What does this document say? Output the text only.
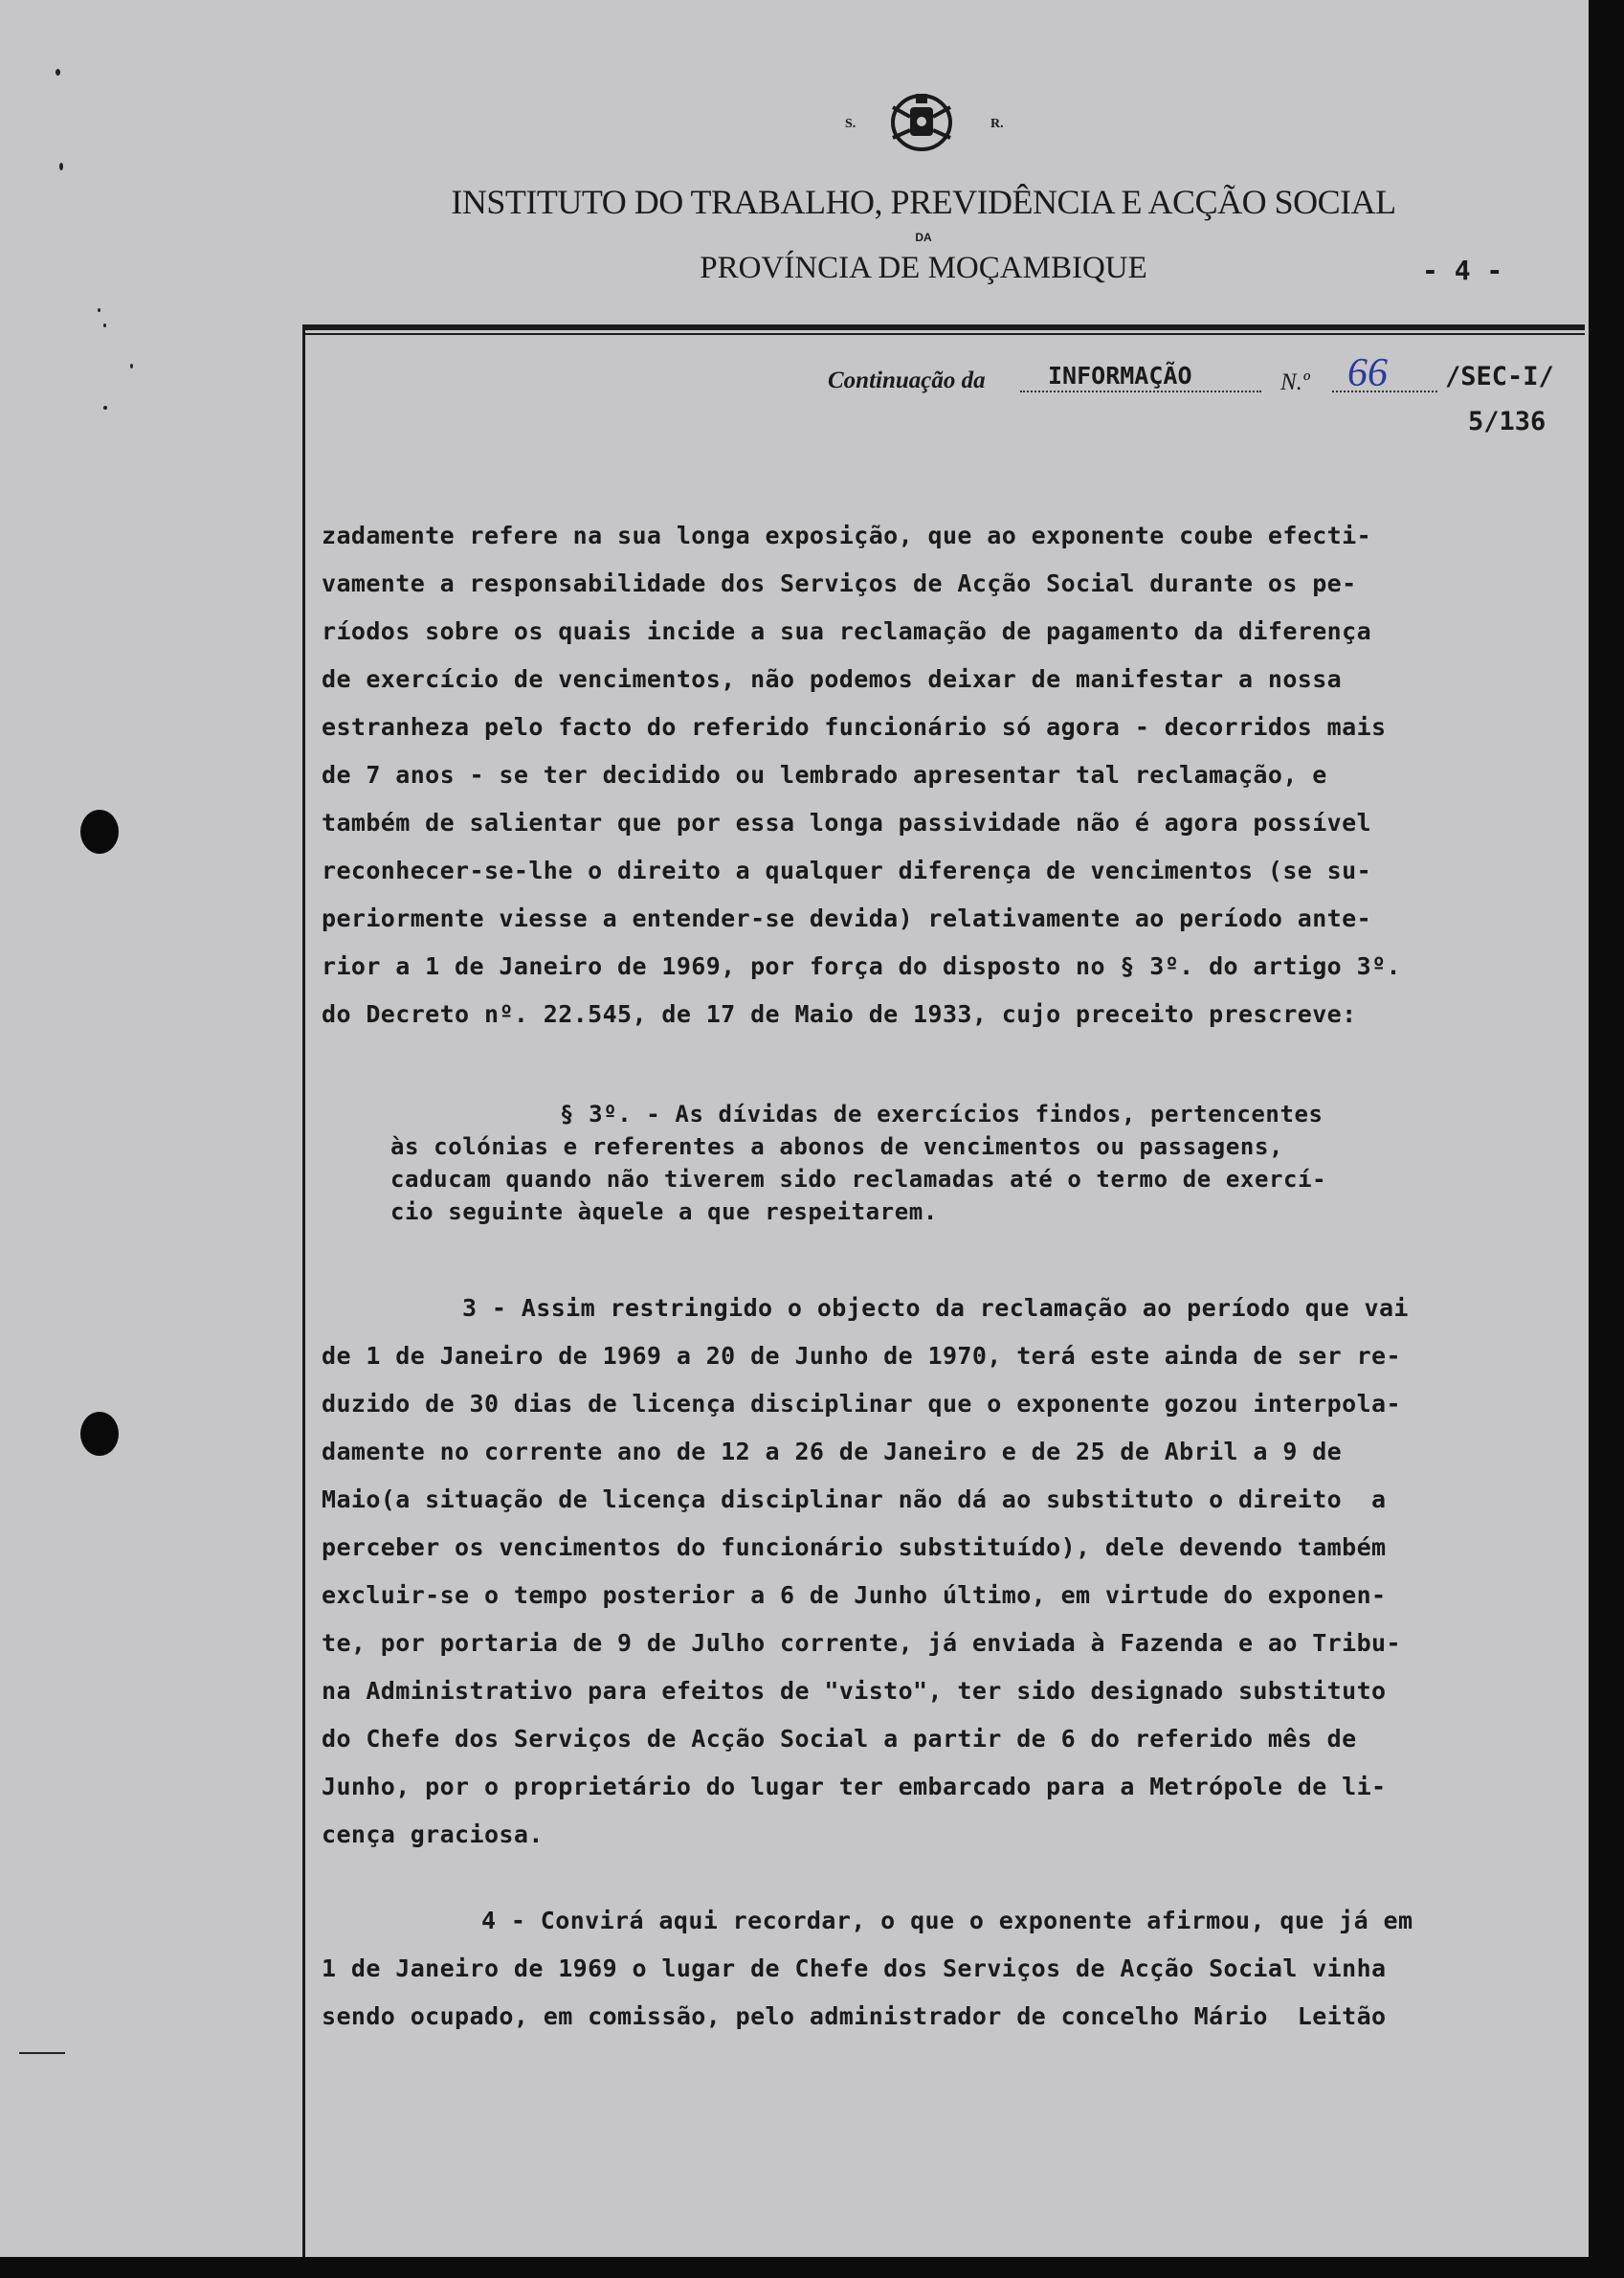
S.	R.
INSTITUTO DO TRABALHO, PREVIDÊNCIA E ACÇÃO SOCIAL
DA
PROVÍNCIA DE MOÇAMBIQUE	- 4 -
Continuação da	INFORMAÇÃO	N.º 66 /SEC-I/
5/136
zadamente refere na sua longa exposição, que ao exponente coube efecti-
vamente a responsabilidade dos Serviços de Acção Social durante os pe-
ríodos sobre os quais incide a sua reclamação de pagamento da diferença
de exercício de vencimentos, não podemos deixar de manifestar a nossa
estranheza pelo facto do referido funcionário só agora - decorridos mais
de 7 anos - se ter decidido ou lembrado apresentar tal reclamação, e
também de salientar que por essa longa passividade não é agora possível
reconhecer-se-lhe o direito a qualquer diferença de vencimentos (se su-
periormente viesse a entender-se devida) relativamente ao período ante-
rior a 1 de Janeiro de 1969, por força do disposto no § 3º. do artigo 3º.
do Decreto nº. 22.545, de 17 de Maio de 1933, cujo preceito prescreve:
§ 3º. - As dívidas de exercícios findos, pertencentes
às colónias e referentes a abonos de vencimentos ou passagens,
caducam quando não tiverem sido reclamadas até o termo de exercí-
cio seguinte àquele a que respeitarem.
3 - Assim restringido o objecto da reclamação ao período que vai
de 1 de Janeiro de 1969 a 20 de Junho de 1970, terá este ainda de ser re-
duzido de 30 dias de licença disciplinar que o exponente gozou interpola-
damente no corrente ano de 12 a 26 de Janeiro e de 25 de Abril a 9 de
Maio(a situação de licença disciplinar não dá ao substituto o direito  a
perceber os vencimentos do funcionário substituído), dele devendo também
excluir-se o tempo posterior a 6 de Junho último, em virtude do exponen-
te, por portaria de 9 de Julho corrente, já enviada à Fazenda e ao Tribu-
na Administrativo para efeitos de "visto", ter sido designado substituto
do Chefe dos Serviços de Acção Social a partir de 6 do referido mês de
Junho, por o proprietário do lugar ter embarcado para a Metrópole de li-
cença graciosa.
4 - Convirá aqui recordar, o que o exponente afirmou, que já em
1 de Janeiro de 1969 o lugar de Chefe dos Serviços de Acção Social vinha
sendo ocupado, em comissão, pelo administrador de concelho Mário  Leitão
